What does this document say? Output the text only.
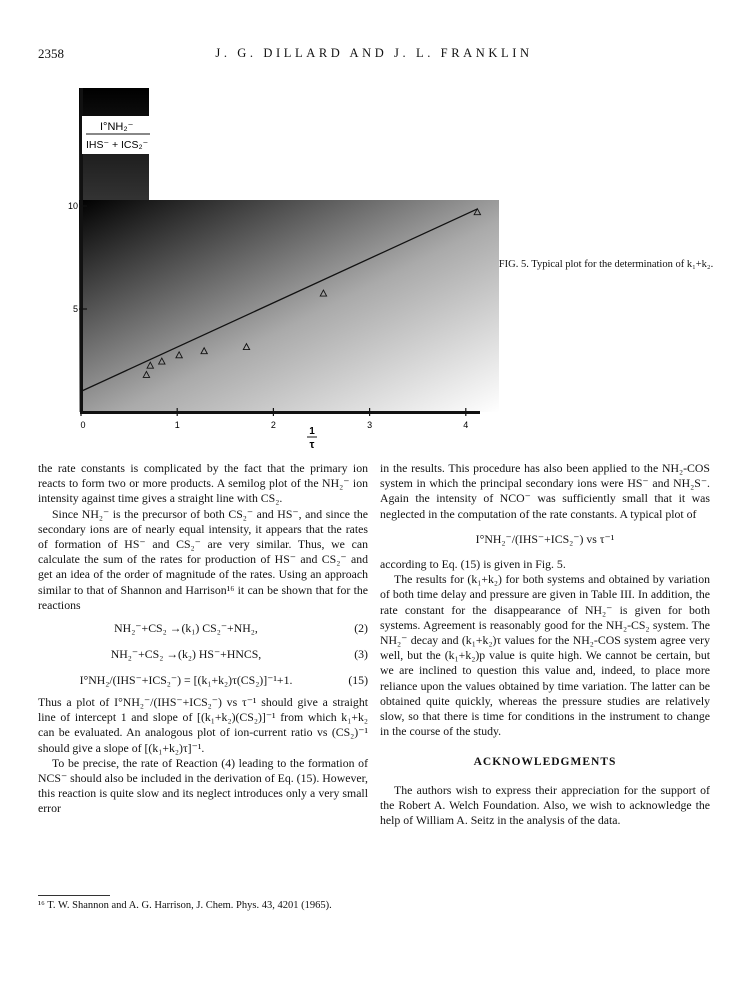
2358	J. G. DILLARD AND J. L. FRANKLIN
0	1	2	3	4
5
10
I°NH₂⁻
IHS⁻ + ICS₂⁻
1
τ
FIG. 5. Typical plot for the determination of k₁+k₂.

the rate constants is complicated by the fact that the primary ion reacts to form two or more products. A semilog plot of the NH₂⁻ ion intensity against time gives a straight line with CS₂.

Since NH₂⁻ is the precursor of both CS₂⁻ and HS⁻, and since the secondary ions are of nearly equal intensity, it appears that the rates of formation of HS⁻ and CS₂⁻ are very similar. Thus, we can calculate the sum of the rates for production of HS⁻ and CS₂⁻ and get an idea of the order of magnitude of the rates. Using an approach similar to that of Shannon and Harrison¹⁶ it can be shown that for the reactions

NH₂⁻+CS₂ →(k₁) CS₂⁻+NH₂,	(2)
NH₂⁻+CS₂ →(k₂) HS⁻+HNCS,	(3)
I°NH₂/(IHS⁻+ICS₂⁻) = [(k₁+k₂)τ(CS₂)]⁻¹+1.	(15)

Thus a plot of I°NH₂⁻/(IHS⁻+ICS₂⁻) vs τ⁻¹ should give a straight line of intercept 1 and slope of [(k₁+k₂)(CS₂)]⁻¹ from which k₁+k₂ can be evaluated. An analogous plot of ion-current ratio vs (CS₂)⁻¹ should give a slope of [(k₁+k₂)τ]⁻¹.

To be precise, the rate of Reaction (4) leading to the formation of NCS⁻ should also be included in the derivation of Eq. (15). However, this reaction is quite slow and its neglect introduces only a very small error

¹⁶ T. W. Shannon and A. G. Harrison, J. Chem. Phys. 43, 4201 (1965).

in the results. This procedure has also been applied to the NH₂-COS system in which the principal secondary ions were HS⁻ and NH₂S⁻. Again the intensity of NCO⁻ was sufficiently small that it was neglected in the computation of the rate constants. A typical plot of

I°NH₂⁻/(IHS⁻+ICS₂⁻) vs τ⁻¹

according to Eq. (15) is given in Fig. 5.

The results for (k₁+k₂) for both systems and obtained by variation of both time delay and pressure are given in Table III. In addition, the rate constant for the disappearance of NH₂⁻ is given for both systems. Agreement is reasonably good for the NH₂-CS₂ system. The NH₂⁻ decay and (k₁+k₂)τ values for the NH₂-COS system agree very well, but the (k₁+k₂)p value is quite high. We cannot be certain, but we are inclined to question this value and, indeed, to place more reliance upon the values obtained by time variation. The latter can be obtained quite quickly, whereas the pressure studies are relatively slow, so that there is time for conditions in the instrument to change in the course of the study.

ACKNOWLEDGMENTS

The authors wish to express their appreciation for the support of the Robert A. Welch Foundation. Also, we wish to acknowledge the help of William A. Seitz in the analysis of the data.
